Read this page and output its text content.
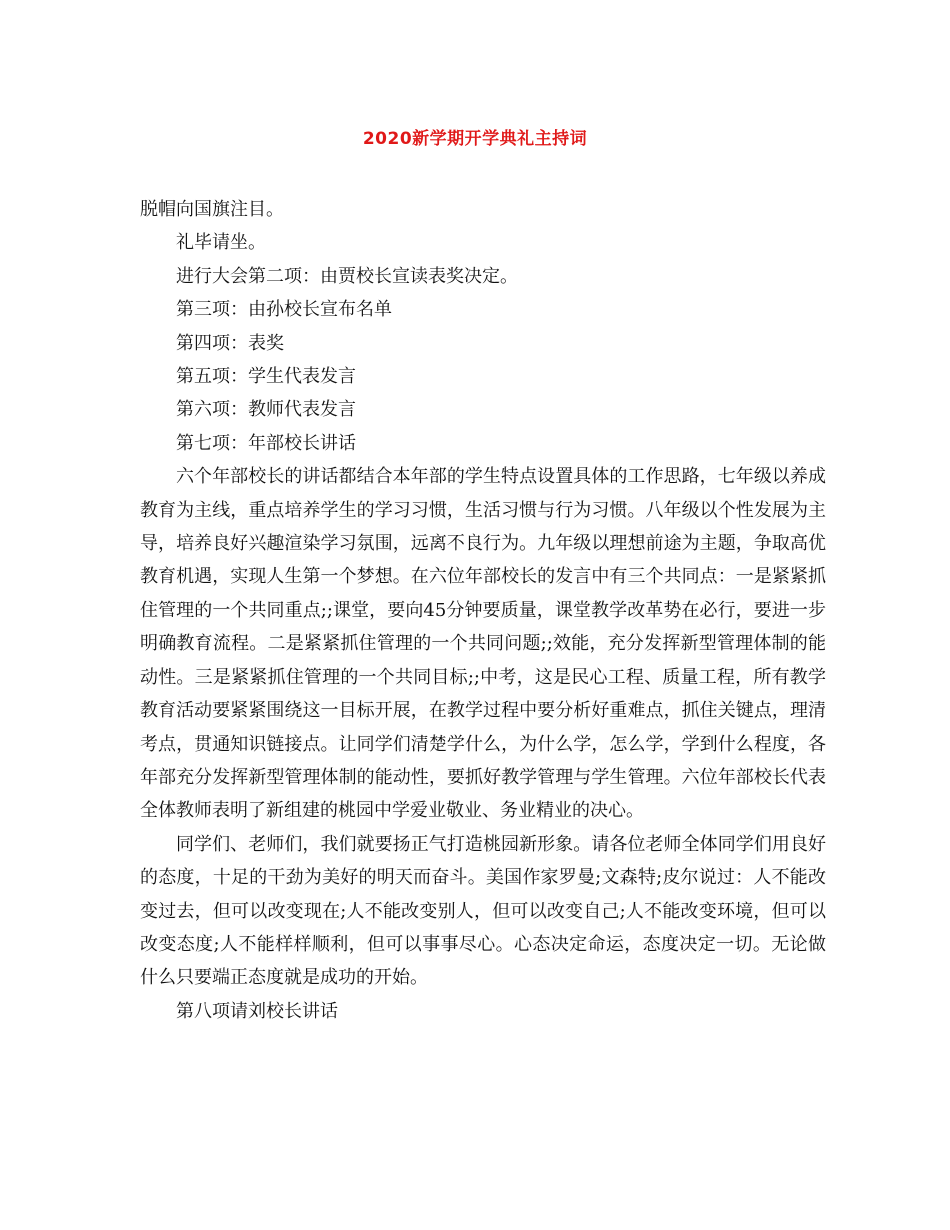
2020新学期开学典礼主持词

脱帽向国旗注目。

礼毕请坐。

进行大会第二项：由贾校长宣读表奖决定。

第三项：由孙校长宣布名单

第四项：表奖

第五项：学生代表发言

第六项：教师代表发言

第七项：年部校长讲话

六个年部校长的讲话都结合本年部的学生特点设置具体的工作思路，七年级以养成教育为主线，重点培养学生的学习习惯，生活习惯与行为习惯。八年级以个性发展为主导，培养良好兴趣渲染学习氛围，远离不良行为。九年级以理想前途为主题，争取高优教育机遇，实现人生第一个梦想。在六位年部校长的发言中有三个共同点：一是紧紧抓住管理的一个共同重点;;课堂，要向45分钟要质量，课堂教学改革势在必行，要进一步明确教育流程。二是紧紧抓住管理的一个共同问题;;效能，充分发挥新型管理体制的能动性。三是紧紧抓住管理的一个共同目标;;中考，这是民心工程、质量工程，所有教学教育活动要紧紧围绕这一目标开展，在教学过程中要分析好重难点，抓住关键点，理清考点，贯通知识链接点。让同学们清楚学什么，为什么学，怎么学，学到什么程度，各年部充分发挥新型管理体制的能动性，要抓好教学管理与学生管理。六位年部校长代表全体教师表明了新组建的桃园中学爱业敬业、务业精业的决心。

同学们、老师们，我们就要扬正气打造桃园新形象。请各位老师全体同学们用良好的态度，十足的干劲为美好的明天而奋斗。美国作家罗曼;文森特;皮尔说过：人不能改变过去，但可以改变现在;人不能改变别人，但可以改变自己;人不能改变环境，但可以改变态度;人不能样样顺利，但可以事事尽心。心态决定命运，态度决定一切。无论做什么只要端正态度就是成功的开始。

第八项请刘校长讲话
